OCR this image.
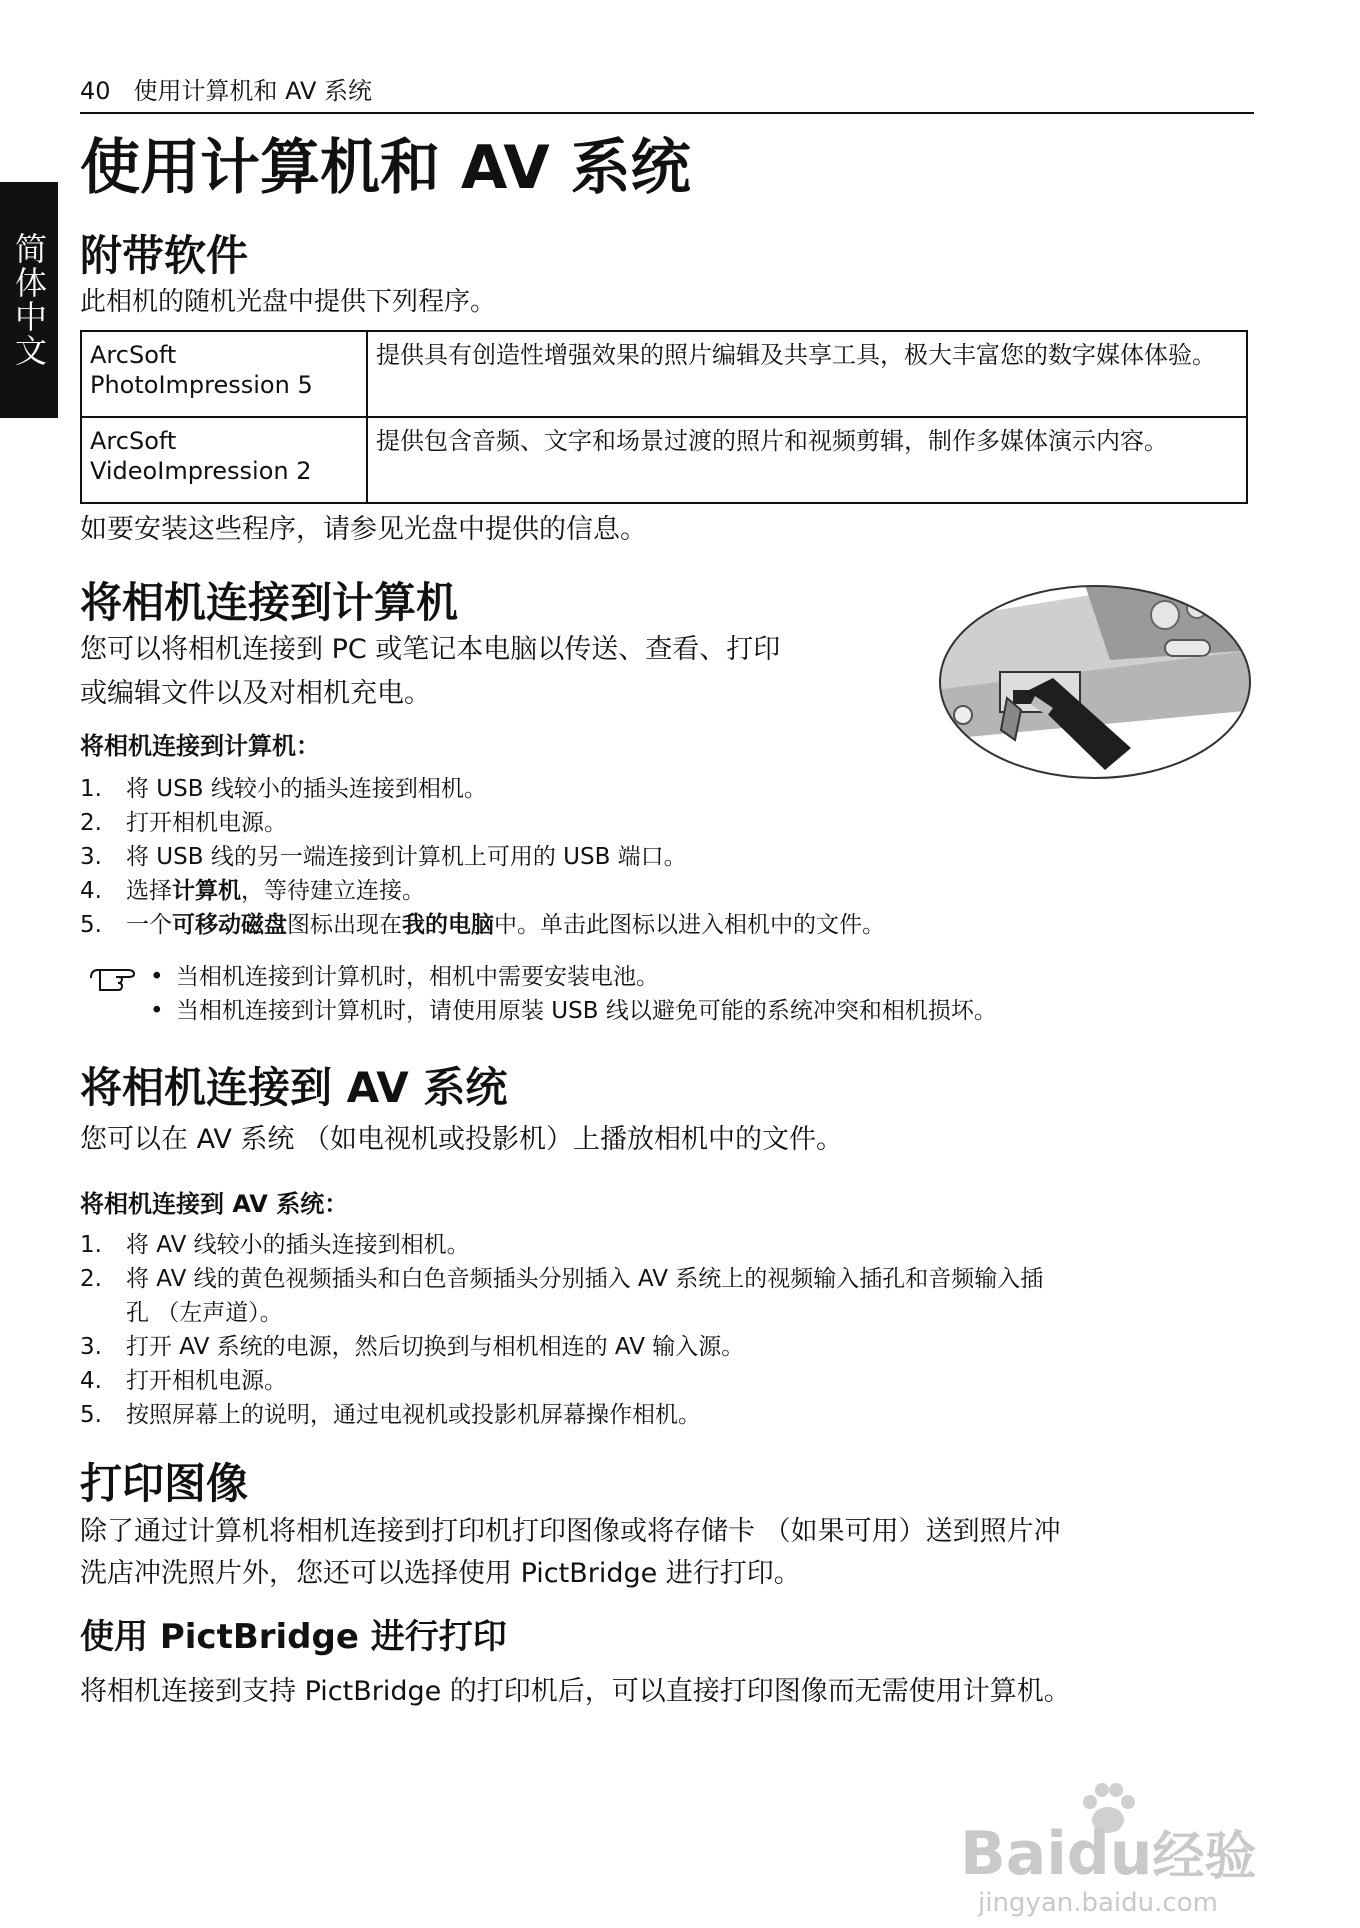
40 使用计算机和 AV 系统
简体中文
使用计算机和 AV 系统
附带软件
此相机的随机光盘中提供下列程序。
ArcSoft
PhotoImpression 5	提供具有创造性增强效果的照片编辑及共享工具，极大丰富您的数字媒体体验。

ArcSoft
VideoImpression 2	提供包含音频、文字和场景过渡的照片和视频剪辑，制作多媒体演示内容。
如要安装这些程序，请参见光盘中提供的信息。
将相机连接到计算机
您可以将相机连接到 PC 或笔记本电脑以传送、查看、打印
或编辑文件以及对相机充电。
将相机连接到计算机：
1. 将 USB 线较小的插头连接到相机。
2. 打开相机电源。
3. 将 USB 线的另一端连接到计算机上可用的 USB 端口。
4. 选择计算机，等待建立连接。
5. 一个可移动磁盘图标出现在我的电脑中。单击此图标以进入相机中的文件。
• 当相机连接到计算机时，相机中需要安装电池。
• 当相机连接到计算机时，请使用原装 USB 线以避免可能的系统冲突和相机损坏。
将相机连接到 AV 系统
您可以在 AV 系统 （如电视机或投影机）上播放相机中的文件。
将相机连接到 AV 系统：
1. 将 AV 线较小的插头连接到相机。
2. 将 AV 线的黄色视频插头和白色音频插头分别插入 AV 系统上的视频输入插孔和音频输入插
孔 （左声道）。
3. 打开 AV 系统的电源，然后切换到与相机相连的 AV 输入源。
4. 打开相机电源。
5. 按照屏幕上的说明，通过电视机或投影机屏幕操作相机。
打印图像
除了通过计算机将相机连接到打印机打印图像或将存储卡 （如果可用）送到照片冲
洗店冲洗照片外，您还可以选择使用 PictBridge 进行打印。
使用 PictBridge 进行打印
将相机连接到支持 PictBridge 的打印机后，可以直接打印图像而无需使用计算机。
Baidu经验
jingyan.baidu.com
